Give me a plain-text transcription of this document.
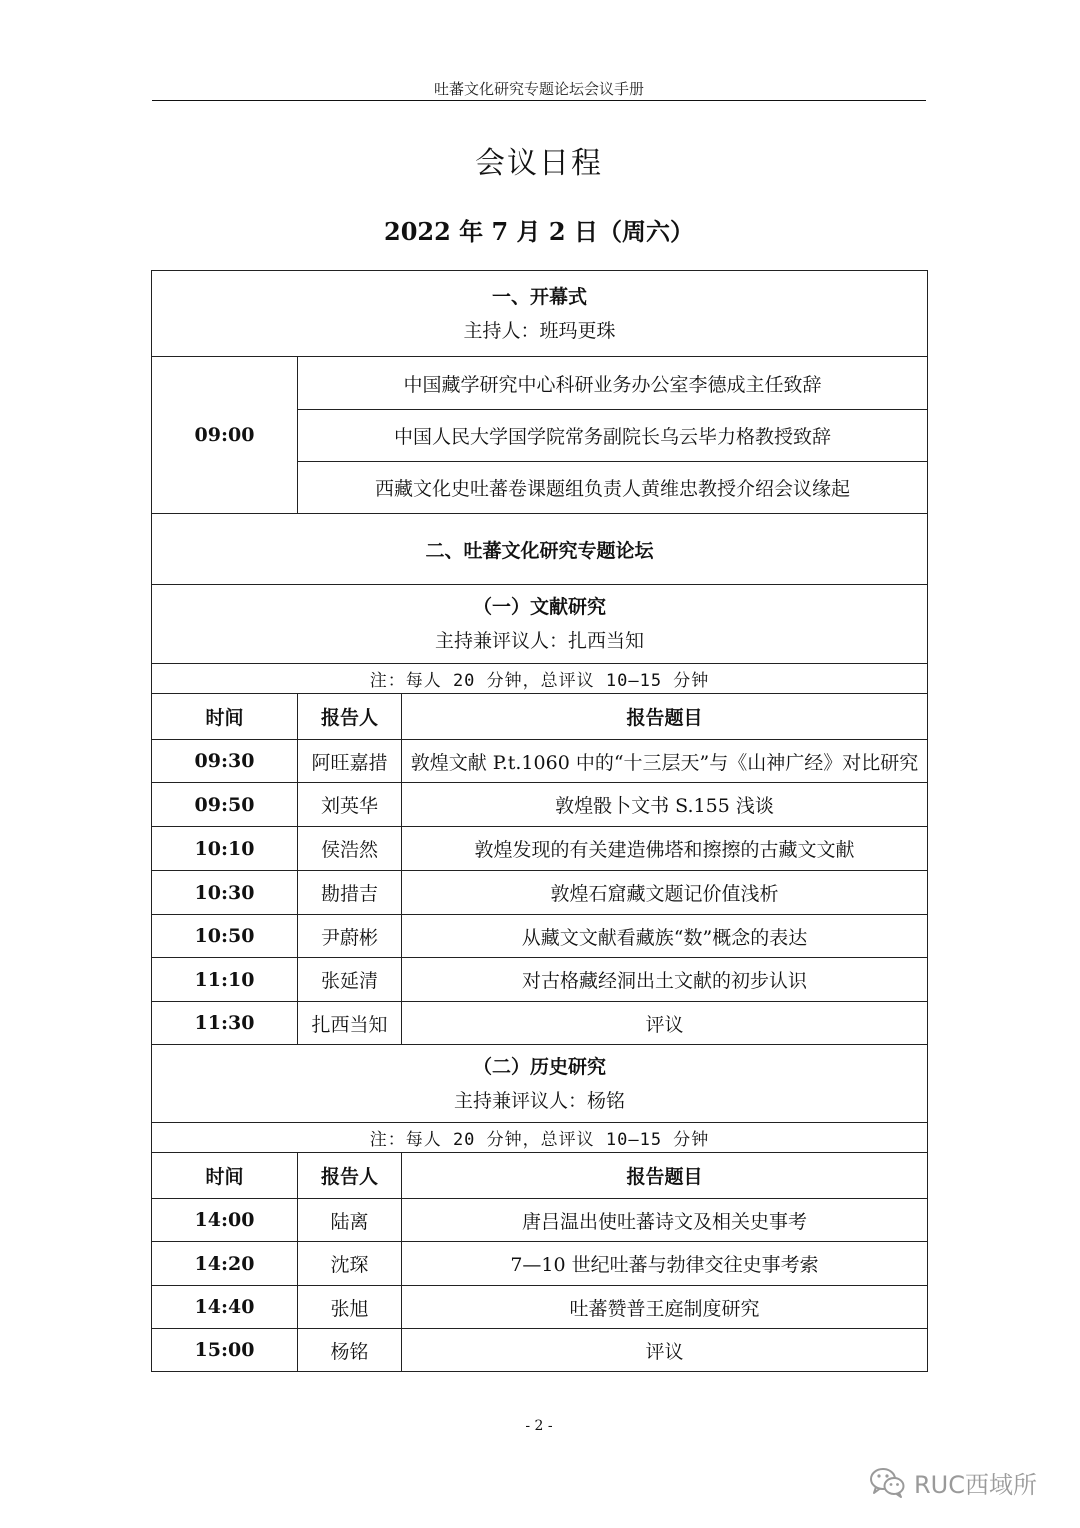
吐蕃文化研究专题论坛会议手册
会议日程
2022 年 7 月 2 日（周六）
一、开幕式
主持人：班玛更珠		

09:00	中国藏学研究中心科研业务办公室李德成主任致辞	
	中国人民大学国学院常务副院长乌云毕力格教授致辞	
	西藏文化史吐蕃卷课题组负责人黄维忠教授介绍会议缘起	
二、吐蕃文化研究专题论坛		

（一）文献研究
主持兼评议人：扎西当知		

注：每人 20 分钟，总评议 10—15 分钟		
时间	报告人	报告题目
09:30	阿旺嘉措	敦煌文献 P.t.1060 中的“十三层天”与《山神广经》对比研究
09:50	刘英华	敦煌骰卜文书 S.155 浅谈
10:10	侯浩然	敦煌发现的有关建造佛塔和擦擦的古藏文文献
10:30	勘措吉	敦煌石窟藏文题记价值浅析
10:50	尹蔚彬	从藏文文献看藏族“数”概念的表达
11:10	张延清	对古格藏经洞出土文献的初步认识
11:30	扎西当知	评议

（二）历史研究
主持兼评议人：杨铭		

注：每人 20 分钟，总评议 10—15 分钟		
时间	报告人	报告题目
14:00	陆离	唐吕温出使吐蕃诗文及相关史事考
14:20	沈琛	7—10 世纪吐蕃与勃律交往史事考索
14:40	张旭	吐蕃赞普王庭制度研究
15:00	杨铭	评议
- 2 -
RUC西域所
